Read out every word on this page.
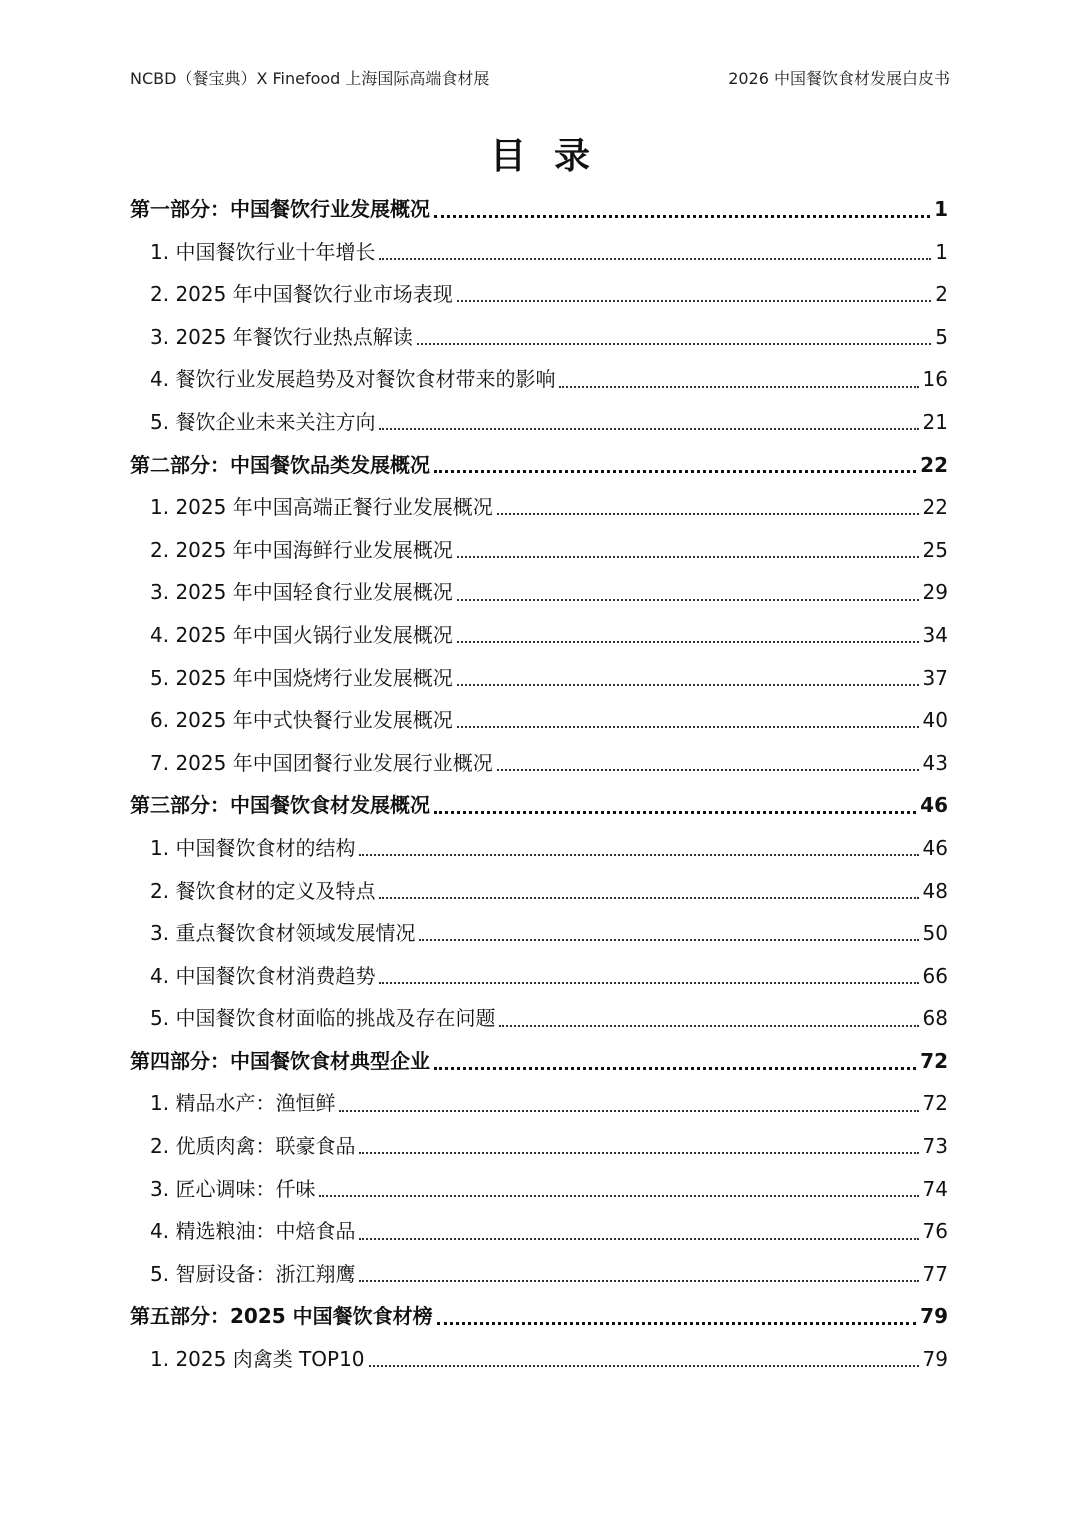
NCBD（餐宝典）X Finefood 上海国际高端食材展	2026 中国餐饮食材发展白皮书
目录
第一部分：中国餐饮行业发展概况	1
1. 中国餐饮行业十年增长	1
2. 2025 年中国餐饮行业市场表现	2
3. 2025 年餐饮行业热点解读	5
4. 餐饮行业发展趋势及对餐饮食材带来的影响	16
5. 餐饮企业未来关注方向	21
第二部分：中国餐饮品类发展概况	22
1. 2025 年中国高端正餐行业发展概况	22
2. 2025 年中国海鲜行业发展概况	25
3. 2025 年中国轻食行业发展概况	29
4. 2025 年中国火锅行业发展概况	34
5. 2025 年中国烧烤行业发展概况	37
6. 2025 年中式快餐行业发展概况	40
7. 2025 年中国团餐行业发展行业概况	43
第三部分：中国餐饮食材发展概况	46
1. 中国餐饮食材的结构	46
2. 餐饮食材的定义及特点	48
3. 重点餐饮食材领域发展情况	50
4. 中国餐饮食材消费趋势	66
5. 中国餐饮食材面临的挑战及存在问题	68
第四部分：中国餐饮食材典型企业	72
1. 精品水产：渔恒鲜	72
2. 优质肉禽：联豪食品	73
3. 匠心调味：仟味	74
4. 精选粮油：中焙食品	76
5. 智厨设备：浙江翔鹰	77
第五部分：2025 中国餐饮食材榜	79
1. 2025 肉禽类 TOP10	79
